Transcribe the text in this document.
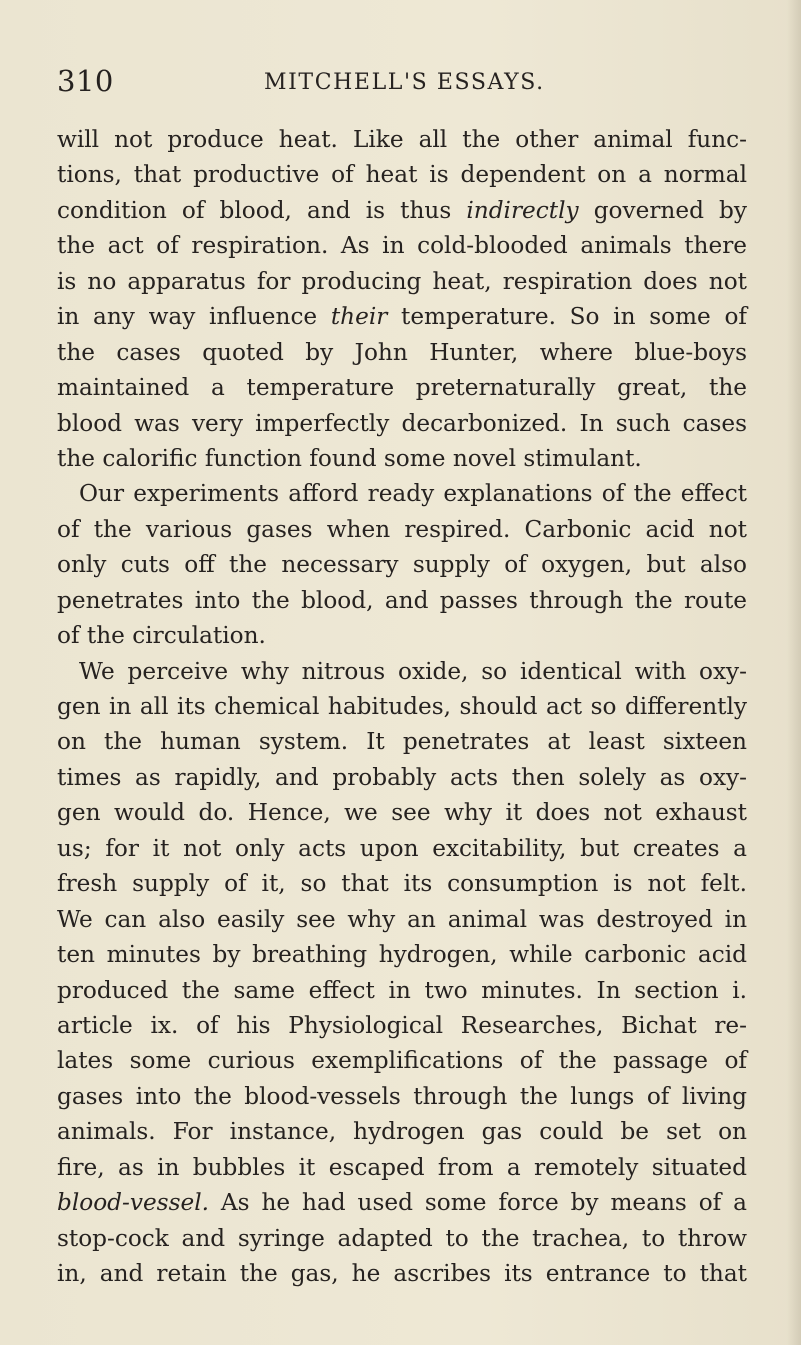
310	MITCHELL'S ESSAYS.
will not produce heat. Like all the other animal func-
tions, that productive of heat is dependent on a normal
condition of blood, and is thus indirectly governed by
the act of respiration. As in cold-blooded animals there
is no apparatus for producing heat, respiration does not
in any way influence their temperature. So in some of
the cases quoted by John Hunter, where blue-boys
maintained a temperature preternaturally great, the
blood was very imperfectly decarbonized. In such cases
the calorific function found some novel stimulant.
Our experiments afford ready explanations of the effect
of the various gases when respired. Carbonic acid not
only cuts off the necessary supply of oxygen, but also
penetrates into the blood, and passes through the route
of the circulation.
We perceive why nitrous oxide, so identical with oxy-
gen in all its chemical habitudes, should act so differently
on the human system. It penetrates at least sixteen
times as rapidly, and probably acts then solely as oxy-
gen would do. Hence, we see why it does not exhaust
us; for it not only acts upon excitability, but creates a
fresh supply of it, so that its consumption is not felt.
We can also easily see why an animal was destroyed in
ten minutes by breathing hydrogen, while carbonic acid
produced the same effect in two minutes. In section i.
article ix. of his Physiological Researches, Bichat re-
lates some curious exemplifications of the passage of
gases into the blood-vessels through the lungs of living
animals. For instance, hydrogen gas could be set on
fire, as in bubbles it escaped from a remotely situated
blood-vessel. As he had used some force by means of a
stop-cock and syringe adapted to the trachea, to throw
in, and retain the gas, he ascribes its entrance to that
